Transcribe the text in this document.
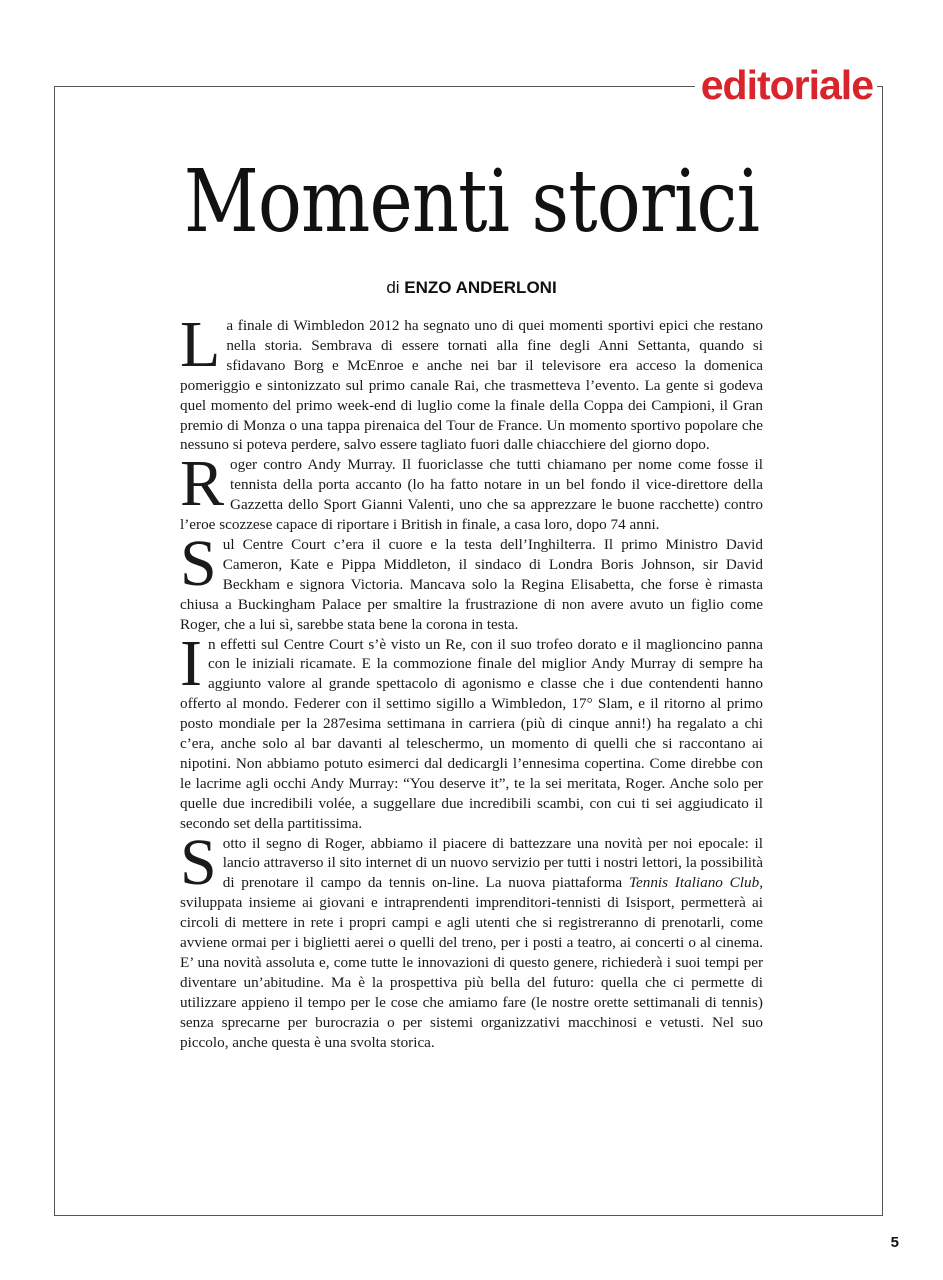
editoriale
Momenti storici
di ENZO ANDERLONI

La finale di Wimbledon 2012 ha segnato uno di quei momenti sportivi epici che restano nella storia. Sembrava di essere tornati alla fine degli Anni Settanta, quando si sfidavano Borg e McEnroe e anche nei bar il televisore era acceso la domenica pomeriggio e sintonizzato sul primo canale Rai, che trasmetteva l’evento. La gente si godeva quel momento del primo week-end di luglio come la finale della Coppa dei Campioni, il Gran premio di Monza o una tappa pirenaica del Tour de France. Un momento sportivo popolare che nessuno si poteva perdere, salvo essere tagliato fuori dalle chiacchiere del giorno dopo.

Roger contro Andy Murray. Il fuoriclasse che tutti chiamano per nome come fosse il tennista della porta accanto (lo ha fatto notare in un bel fondo il vice-direttore della Gazzetta dello Sport Gianni Valenti, uno che sa apprezzare le buone racchette) contro l’eroe scozzese capace di riportare i British in finale, a casa loro, dopo 74 anni.

Sul Centre Court c’era il cuore e la testa dell’Inghilterra. Il primo Ministro David Cameron, Kate e Pippa Middleton, il sindaco di Londra Boris Johnson, sir David Beckham e signora Victoria. Mancava solo la Regina Elisabetta, che forse è rimasta chiusa a Buckingham Palace per smaltire la frustrazione di non avere avuto un figlio come Roger, che a lui sì, sarebbe stata bene la corona in testa.

In effetti sul Centre Court s’è visto un Re, con il suo trofeo dorato e il maglioncino panna con le iniziali ricamate. E la commozione finale del miglior Andy Murray di sempre ha aggiunto valore al grande spettacolo di agonismo e classe che i due contendenti hanno offerto al mondo. Federer con il settimo sigillo a Wimbledon, 17° Slam, e il ritorno al primo posto mondiale per la 287esima settimana in carriera (più di cinque anni!) ha regalato a chi c’era, anche solo al bar davanti al teleschermo, un momento di quelli che si raccontano ai nipotini. Non abbiamo potuto esimerci dal dedicargli l’ennesima copertina. Come direbbe con le lacrime agli occhi Andy Murray: “You deserve it”, te la sei meritata, Roger. Anche solo per quelle due incredibili volée, a suggellare due incredibili scambi, con cui ti sei aggiudicato il secondo set della partitissima.

Sotto il segno di Roger, abbiamo il piacere di battezzare una novità per noi epocale: il lancio attraverso il sito internet di un nuovo servizio per tutti i nostri lettori, la possibilità di prenotare il campo da tennis on-line. La nuova piattaforma Tennis Italiano Club, sviluppata insieme ai giovani e intraprendenti imprenditori-tennisti di Isisport, permetterà ai circoli di mettere in rete i propri campi e agli utenti che si registreranno di prenotarli, come avviene ormai per i biglietti aerei o quelli del treno, per i posti a teatro, ai concerti o al cinema. E’ una novità assoluta e, come tutte le innovazioni di questo genere, richiederà i suoi tempi per diventare un’abitudine. Ma è la prospettiva più bella del futuro: quella che ci permette di utilizzare appieno il tempo per le cose che amiamo fare (le nostre orette settimanali di tennis) senza sprecarne per burocrazia o per sistemi organizzativi macchinosi e vetusti. Nel suo piccolo, anche questa è una svolta storica.

5
